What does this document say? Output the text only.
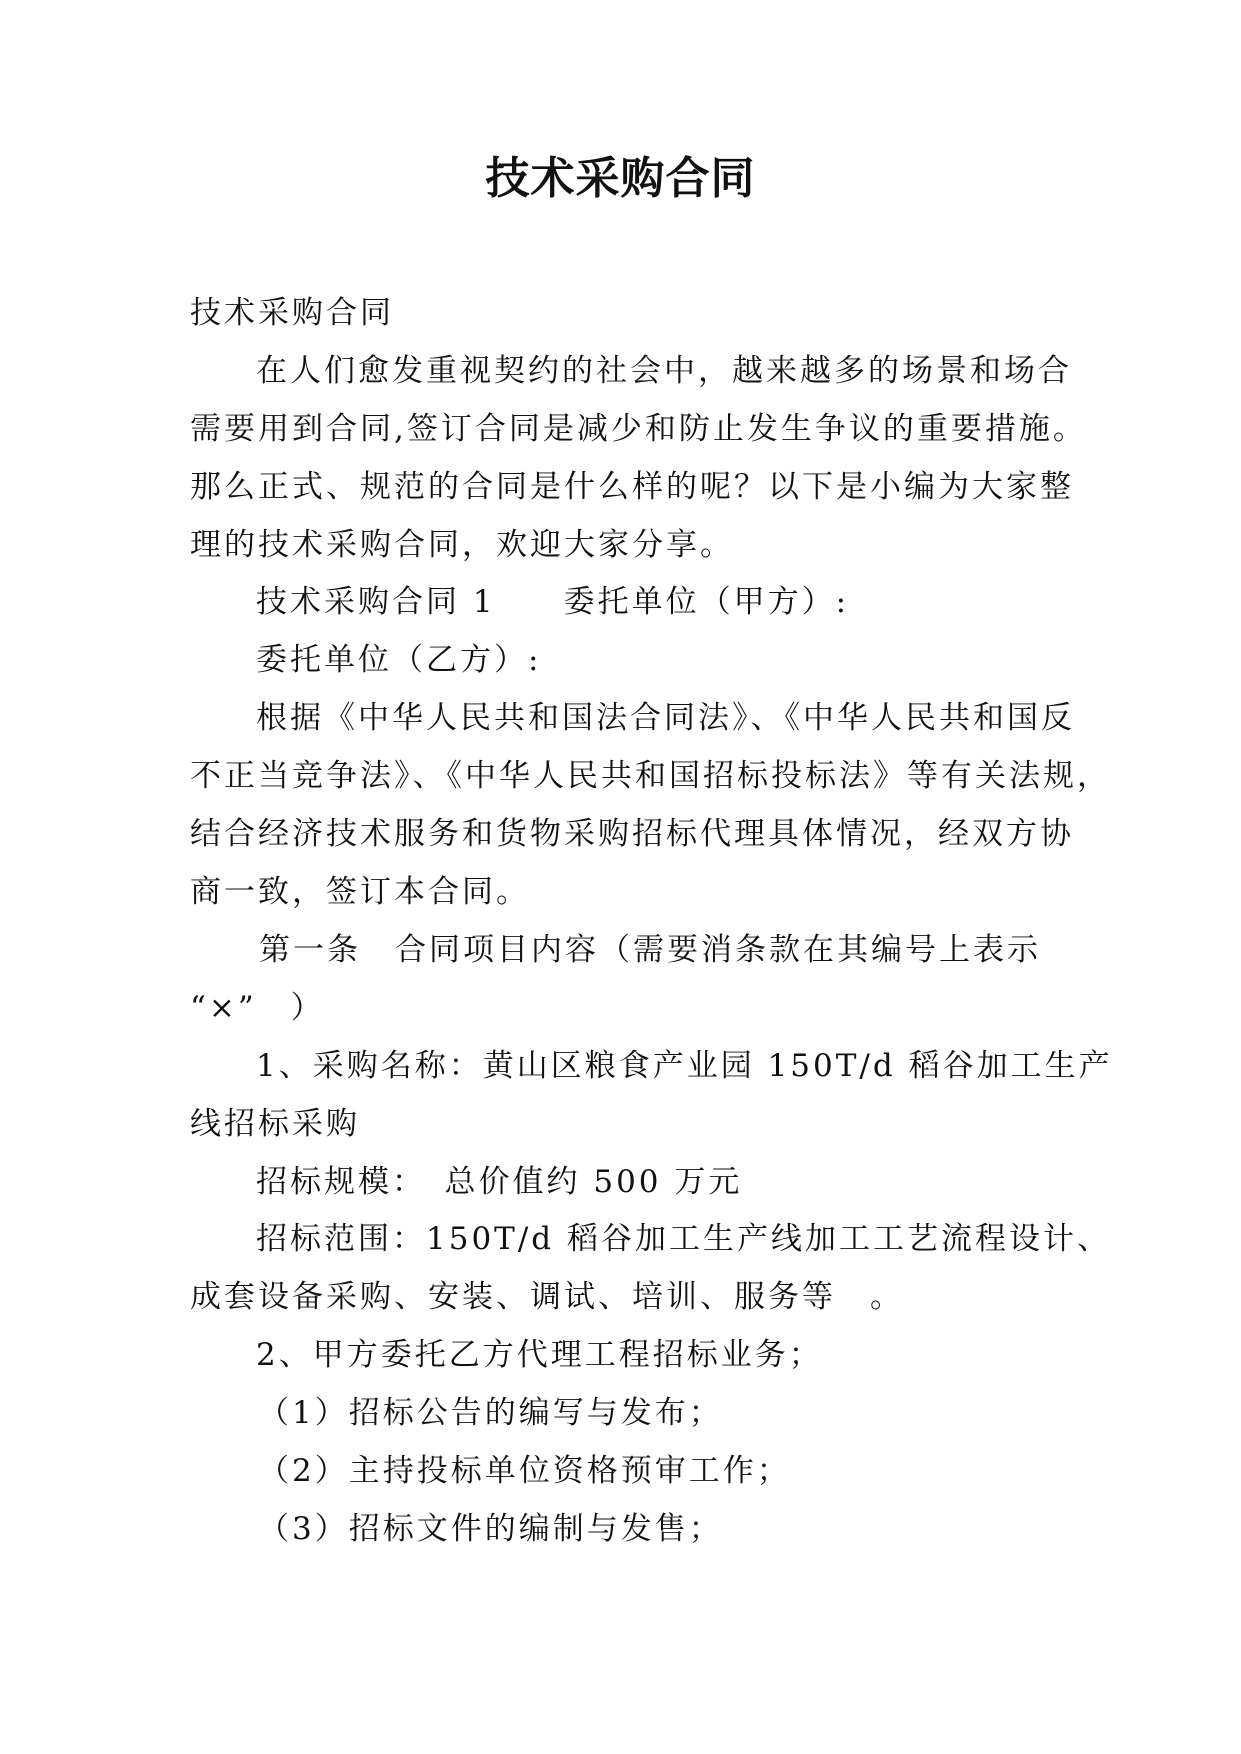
技术采购合同
技术采购合同
在人们愈发重视契约的社会中，越来越多的场景和场合
需要用到合同,签订合同是减少和防止发生争议的重要措施。
那么正式、规范的合同是什么样的呢？以下是小编为大家整
理的技术采购合同，欢迎大家分享。
技术采购合同 1　　委托单位（甲方）:
委托单位（乙方）:
根据《中华人民共和国法合同法》、《中华人民共和国反
不正当竞争法》、《中华人民共和国招标投标法》等有关法规，
结合经济技术服务和货物采购招标代理具体情况，经双方协
商一致，签订本合同。
第一条　合同项目内容（需要消条款在其编号上表示
“×”　）
1、采购名称：黄山区粮食产业园 150T/d 稻谷加工生产
线招标采购
招标规模：　总价值约 500 万元
招标范围：150T/d 稻谷加工生产线加工工艺流程设计、
成套设备采购、安装、调试、培训、服务等　。
2、甲方委托乙方代理工程招标业务；
（1）招标公告的编写与发布；
（2）主持投标单位资格预审工作；
（3）招标文件的编制与发售；
